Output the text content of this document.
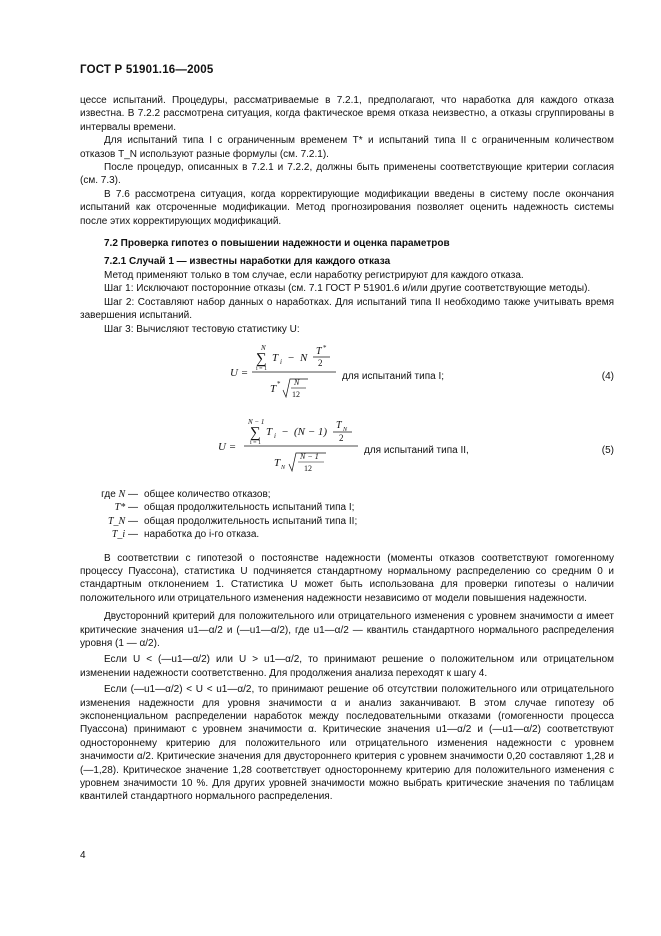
ГОСТ Р 51901.16—2005

цессе испытаний. Процедуры, рассматриваемые в 7.2.1, предполагают, что наработка для каждого отказа известна. В 7.2.2 рассмотрена ситуация, когда фактическое время отказа неизвестно, а отказы сгруппированы в интервалы времени.

Для испытаний типа I с ограниченным временем T* и испытаний типа II с ограниченным количеством отказов T_N используют разные формулы (см. 7.2.1).

После процедур, описанных в 7.2.1 и 7.2.2, должны быть применены соответствующие критерии согласия (см. 7.3).

В 7.6 рассмотрена ситуация, когда корректирующие модификации введены в систему после окончания испытаний как отсроченные модификации. Метод прогнозирования позволяет оценить надежность системы после этих корректирующих модификаций.

7.2 Проверка гипотез о повышении надежности и оценка параметров

7.2.1 Случай 1 — известны наработки для каждого отказа

Метод применяют только в том случае, если наработку регистрируют для каждого отказа.

Шаг 1: Исключают посторонние отказы (см. 7.1 ГОСТ Р 51901.6 и/или другие соответствующие методы).

Шаг 2: Составляют набор данных о наработках. Для испытаний типа II необходимо также учитывать время завершения испытаний.

Шаг 3: Вычисляют тестовую статистику U:

U =
N
∑
i = 1
T i − N
T *
2
T * N
12
для испытаний типа I;	(4)
U =
N − 1
∑
i = 1
T i − (N − 1)
T N
2
T N
N − 1
12
для испытаний типа II,	(5)
где N — общее количество отказов;
T* — общая продолжительность испытаний типа I;
T_N — общая продолжительность испытаний типа II;
T_i — наработка до i-го отказа.

В соответствии с гипотезой о постоянстве надежности (моменты отказов соответствуют гомогенному процессу Пуассона), статистика U подчиняется стандартному нормальному распределению со средним 0 и стандартным отклонением 1. Статистика U может быть использована для проверки гипотезы о наличии положительного или отрицательного изменения надежности независимо от модели повышения надежности.

Двусторонний критерий для положительного или отрицательного изменения с уровнем значимости α имеет критические значения u1—α/2 и (—u1—α/2), где u1—α/2 — квантиль стандартного нормального распределения уровня (1 — α/2).

Если U < (—u1—α/2) или U > u1—α/2, то принимают решение о положительном или отрицательном изменении надежности соответственно. Для продолжения анализа переходят к шагу 4.

Если (—u1—α/2) < U < u1—α/2, то принимают решение об отсутствии положительного или отрицательного изменения надежности для уровня значимости α и анализ заканчивают. В этом случае гипотезу об экспоненциальном распределении наработок между последовательными отказами (гомогенности процесса Пуассона) принимают с уровнем значимости α. Критические значения u1—α/2 и (—u1—α/2) соответствуют одностороннему критерию для положительного или отрицательного изменения надежности с уровнем значимости α/2. Критические значения для двустороннего критерия с уровнем значимости 0,20 составляют 1,28 и (—1,28). Критическое значение 1,28 соответствует одностороннему критерию для положительного изменения с уровнем значимости 10 %. Для других уровней значимости можно выбрать критические значения по таблицам квантилей стандартного нормального распределения.

4
